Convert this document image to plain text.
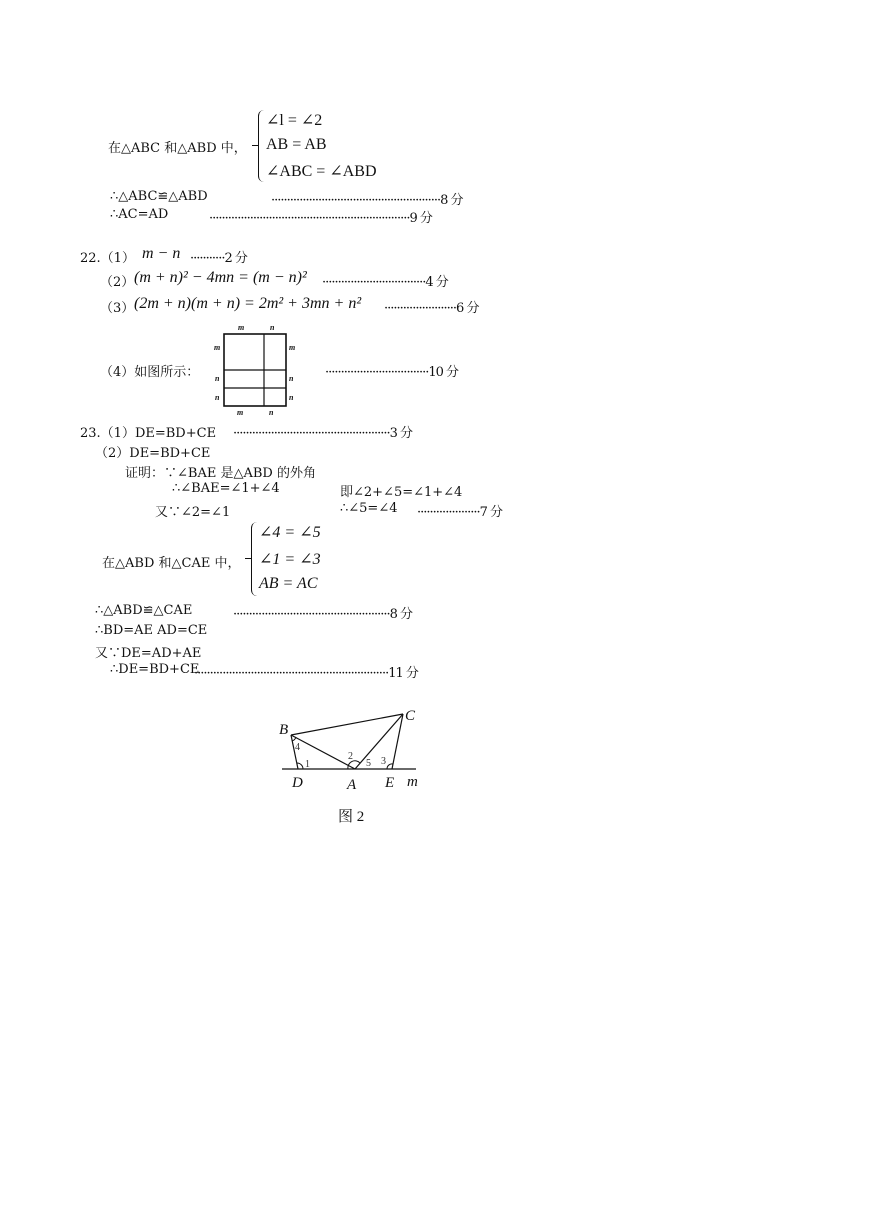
在△ABC 和△ABD 中，
∠l = ∠2
AB = AB
∠ABC = ∠ABD
∴△ABC≌△ABD	······················································8 分
∴AC=AD	································································9 分
22.（1） m − n ···········2 分
（2） (m + n)² − 4mn = (m − n)² ·································4 分
（3） (2m + n)(m + n) = 2m² + 3mn + n² ·······················6 分
（4）如图所示：	·································10 分
m	n
m
n
n
m
n
n
m	n
23.（1）DE=BD+CE ··················································3 分
（2）DE=BD+CE
证明：∵∠BAE 是△ABD 的外角
∴∠BAE=∠1+∠4	即∠2+∠5=∠1+∠4
又∵∠2=∠1	∴∠5=∠4 ····················7 分
在△ABD 和△CAE 中，
∠4 = ∠5
∠1 = ∠3
AB = AC
∴△ABD≌△CAE	··················································8 分
∴BD=AE AD=CE
又∵DE=AD+AE
∴DE=BD+CE
······························································11 分
B
C
D	A E m
1
2	3
4
5
图 2
